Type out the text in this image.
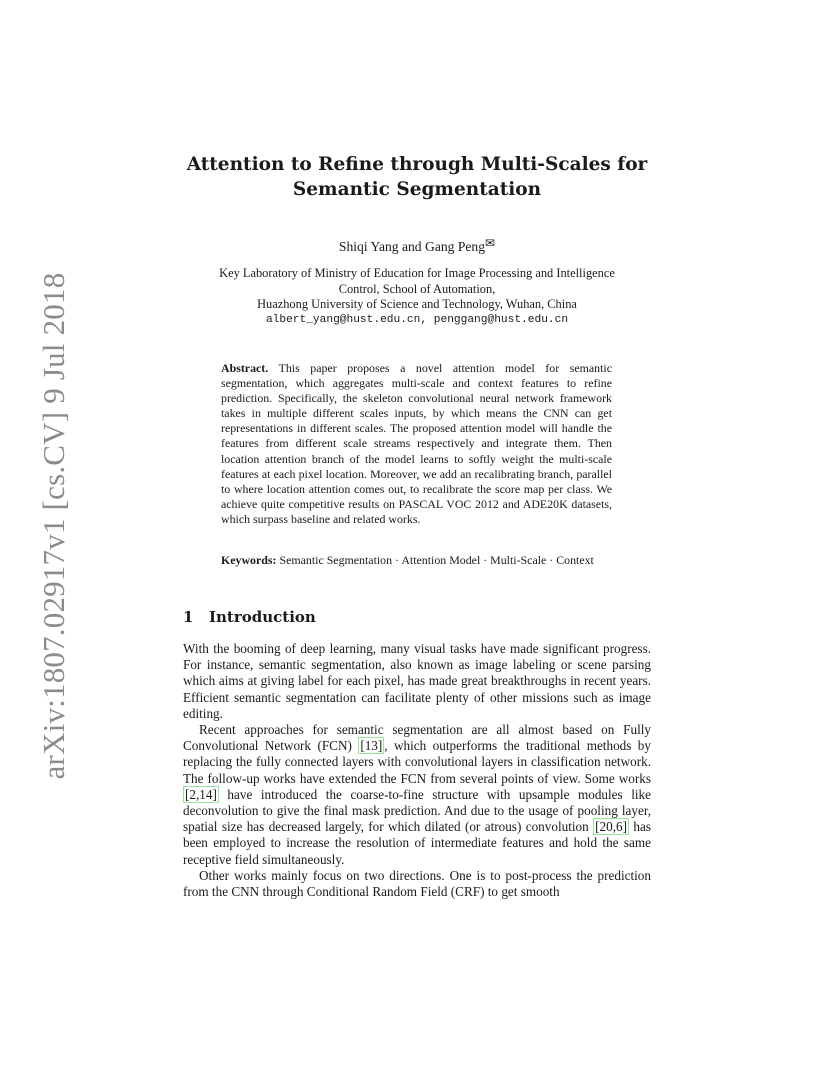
arXiv:1807.02917v1 [cs.CV] 9 Jul 2018
Attention to Refine through Multi-Scales for
Semantic Segmentation
Shiqi Yang and Gang Peng✉
Key Laboratory of Ministry of Education for Image Processing and Intelligence
Control, School of Automation,
Huazhong University of Science and Technology, Wuhan, China
albert_yang@hust.edu.cn, penggang@hust.edu.cn
Abstract. This paper proposes a novel attention model for semantic segmentation, which aggregates multi-scale and context features to refine prediction. Specifically, the skeleton convolutional neural network framework takes in multiple different scales inputs, by which means the CNN can get representations in different scales. The proposed attention model will handle the features from different scale streams respectively and integrate them. Then location attention branch of the model learns to softly weight the multi-scale features at each pixel location. Moreover, we add an recalibrating branch, parallel to where location attention comes out, to recalibrate the score map per class. We achieve quite competitive results on PASCAL VOC 2012 and ADE20K datasets, which surpass baseline and related works.
Keywords: Semantic Segmentation · Attention Model · Multi-Scale · Context
1 Introduction

With the booming of deep learning, many visual tasks have made significant progress. For instance, semantic segmentation, also known as image labeling or scene parsing which aims at giving label for each pixel, has made great breakthroughs in recent years. Efficient semantic segmentation can facilitate plenty of other missions such as image editing.

Recent approaches for semantic segmentation are all almost based on Fully Convolutional Network (FCN) [13] , which outperforms the traditional methods by replacing the fully connected layers with convolutional layers in classification network. The follow-up works have extended the FCN from several points of view. Some works [2,14] have introduced the coarse-to-fine structure with upsample modules like deconvolution to give the final mask prediction. And due to the usage of pooling layer, spatial size has decreased largely, for which dilated (or atrous) convolution [20,6] has been employed to increase the resolution of intermediate features and hold the same receptive field simultaneously.

Other works mainly focus on two directions. One is to post-process the prediction from the CNN through Conditional Random Field (CRF) to get smooth
